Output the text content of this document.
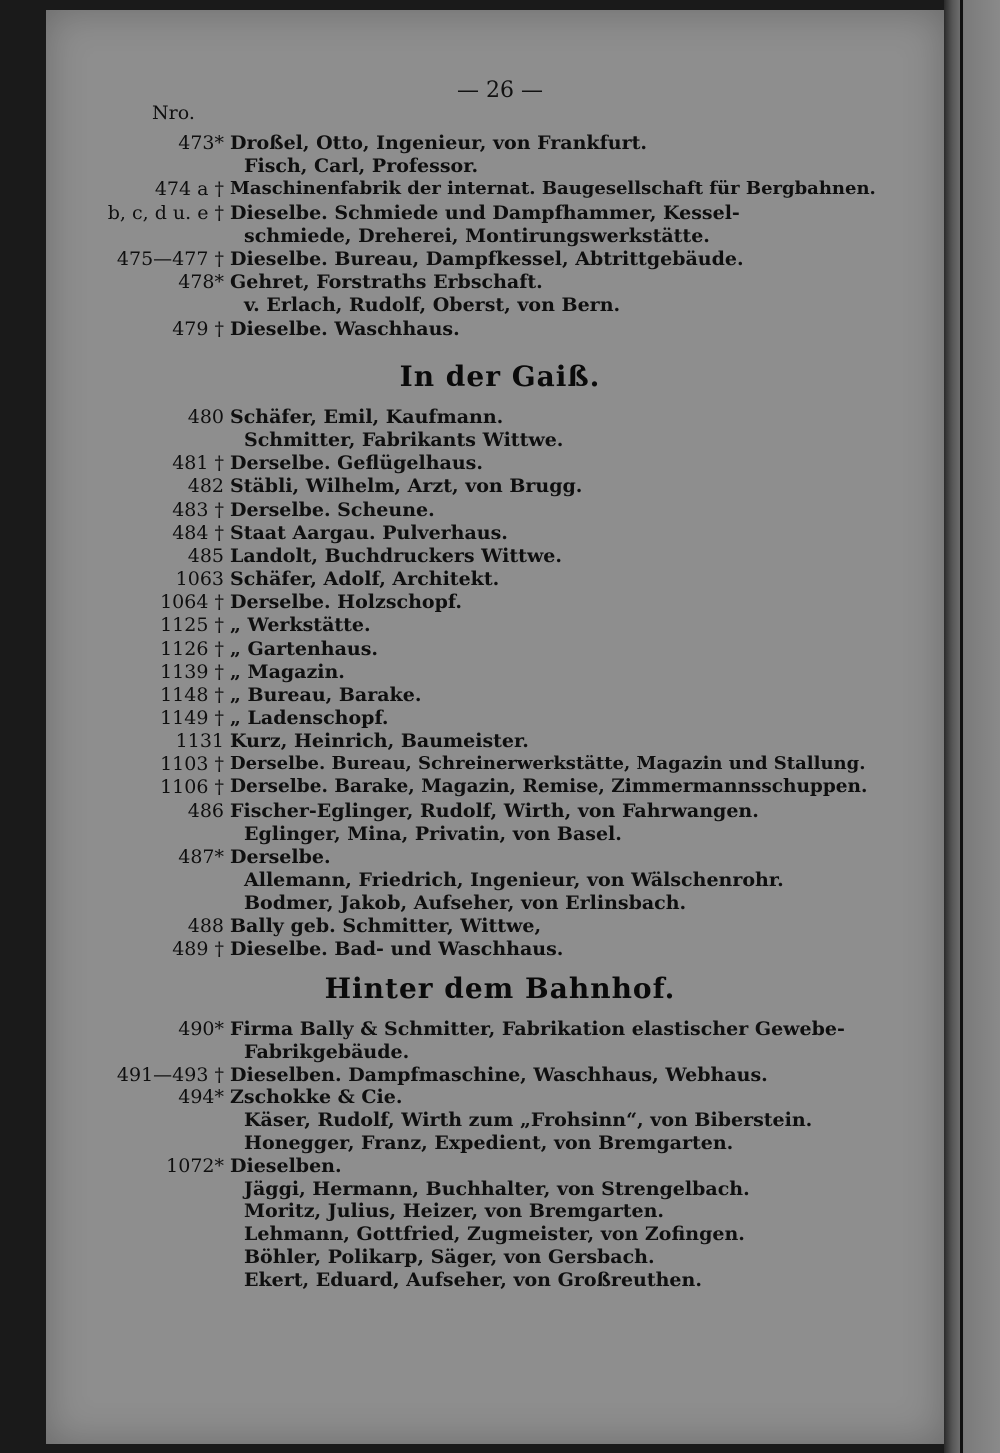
— 26 —
Nro.
In der Gaiß.
Hinter dem Bahnhof.
473* Droßel, Otto, Ingenieur, von Frankfurt.
Fisch, Carl, Professor.
474 a † Maschinenfabrik der internat. Baugesellschaft für Bergbahnen.
b, c, d u. e † Dieselbe. Schmiede und Dampfhammer, Kessel-
schmiede, Dreherei, Montirungswerkstätte.
475—477 † Dieselbe. Bureau, Dampfkessel, Abtrittgebäude.
478* Gehret, Forstraths Erbschaft.
v. Erlach, Rudolf, Oberst, von Bern.
479 † Dieselbe. Waschhaus.
480 Schäfer, Emil, Kaufmann.
Schmitter, Fabrikants Wittwe.
481 † Derselbe. Geflügelhaus.
482 Stäbli, Wilhelm, Arzt, von Brugg.
483 † Derselbe. Scheune.
484 † Staat Aargau. Pulverhaus.
485 Landolt, Buchdruckers Wittwe.
1063 Schäfer, Adolf, Architekt.
1064 † Derselbe. Holzschopf.
1125 † „ Werkstätte.
1126 † „ Gartenhaus.
1139 † „ Magazin.
1148 † „ Bureau, Barake.
1149 † „ Ladenschopf.
1131 Kurz, Heinrich, Baumeister.
1103 † Derselbe. Bureau, Schreinerwerkstätte, Magazin und Stallung.
1106 † Derselbe. Barake, Magazin, Remise, Zimmermannsschuppen.
486 Fischer-Eglinger, Rudolf, Wirth, von Fahrwangen.
Eglinger, Mina, Privatin, von Basel.
487* Derselbe.
Allemann, Friedrich, Ingenieur, von Wälschenrohr.
Bodmer, Jakob, Aufseher, von Erlinsbach.
488 Bally geb. Schmitter, Wittwe,
489 † Dieselbe. Bad- und Waschhaus.
490* Firma Bally & Schmitter, Fabrikation elastischer Gewebe-
Fabrikgebäude.
491—493 † Dieselben. Dampfmaschine, Waschhaus, Webhaus.
494* Zschokke & Cie.
Käser, Rudolf, Wirth zum „Frohsinn“, von Biberstein.
Honegger, Franz, Expedient, von Bremgarten.
1072* Dieselben.
Jäggi, Hermann, Buchhalter, von Strengelbach.
Moritz, Julius, Heizer, von Bremgarten.
Lehmann, Gottfried, Zugmeister, von Zofingen.
Böhler, Polikarp, Säger, von Gersbach.
Ekert, Eduard, Aufseher, von Großreuthen.
